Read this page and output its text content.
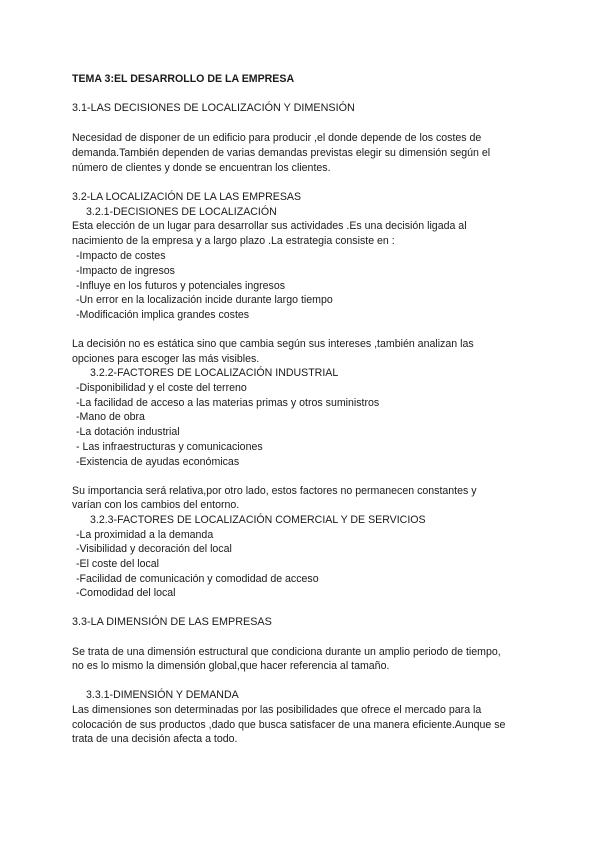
TEMA 3:EL DESARROLLO DE LA EMPRESA
3.1-LAS DECISIONES DE LOCALIZACIÓN Y DIMENSIÓN
Necesidad de disponer de un edificio para producir ,el donde depende de los costes de
demanda.También dependen de varias demandas previstas elegir su dimensión según el
número de clientes y donde se encuentran los clientes.
3.2-LA LOCALIZACIÓN DE LA LAS EMPRESAS
3.2.1-DECISIONES DE LOCALIZACIÓN
Esta elección de un lugar para desarrollar sus actividades .Es una decisión ligada al
nacimiento de la empresa y a largo plazo .La estrategia consiste en :
-Impacto de costes
-Impacto de ingresos
-Influye en los futuros y potenciales ingresos
-Un error en la localización incide durante largo tiempo
-Modificación implica grandes costes
La decisión no es estática sino que cambia según sus intereses ,también analizan las
opciones para escoger las más visibles.
3.2.2-FACTORES DE LOCALIZACIÓN INDUSTRIAL
-Disponibilidad y el coste del terreno
-La facilidad de acceso a las materias primas y otros suministros
-Mano de obra
-La dotación industrial
- Las infraestructuras y comunicaciones
-Existencia de ayudas económicas
Su importancia será relativa,por otro lado, estos factores no permanecen constantes y
varían con los cambios del entorno.
3.2.3-FACTORES DE LOCALIZACIÓN COMERCIAL Y DE SERVICIOS
-La proximidad a la demanda
-Visibilidad y decoración del local
-El coste del local
-Facilidad de comunicación y comodidad de acceso
-Comodidad del local
3.3-LA DIMENSIÓN DE LAS EMPRESAS
Se trata de una dimensión estructural que condiciona durante un amplio periodo de tiempo,
no es lo mismo la dimensión global,que hacer referencia al tamaño.
3.3.1-DIMENSIÓN Y DEMANDA
Las dimensiones son determinadas por las posibilidades que ofrece el mercado para la
colocación de sus productos ,dado que busca satisfacer de una manera eficiente.Aunque se
trata de una decisión afecta a todo.
